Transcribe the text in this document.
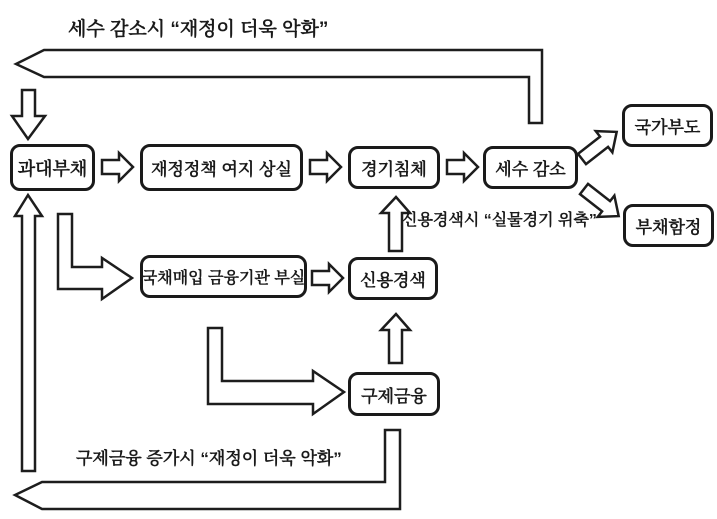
세수 감소시 “재정이 더욱 악화”
신용경색시 “실물경기 위축”
구제금융 증가시 “재정이 더욱 악화”
과대부채	재정정책 여지 상실	경기침체	세수 감소
국가부도
부채함정
국채매입 금융기관 부실	신용경색
구제금융
